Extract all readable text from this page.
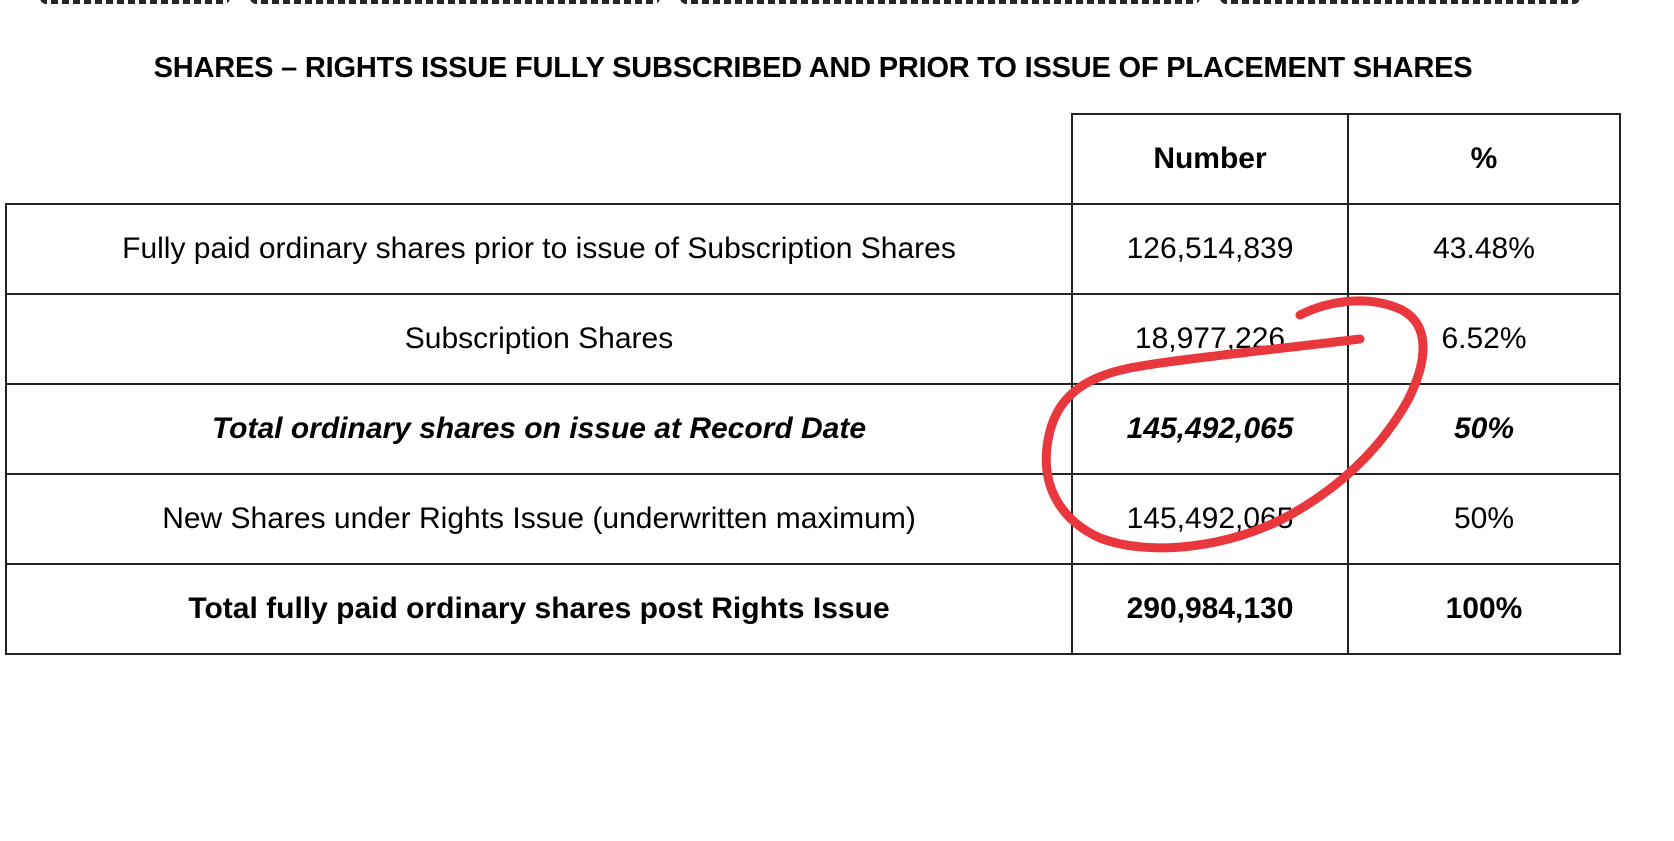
SHARES – RIGHTS ISSUE FULLY SUBSCRIBED AND PRIOR TO ISSUE OF PLACEMENT SHARES
	Number	%
Fully paid ordinary shares prior to issue of Subscription Shares	126,514,839	43.48%
Subscription Shares	18,977,226	6.52%
Total ordinary shares on issue at Record Date	145,492,065	50%
New Shares under Rights Issue (underwritten maximum)	145,492,065	50%
Total fully paid ordinary shares post Rights Issue	290,984,130	100%
